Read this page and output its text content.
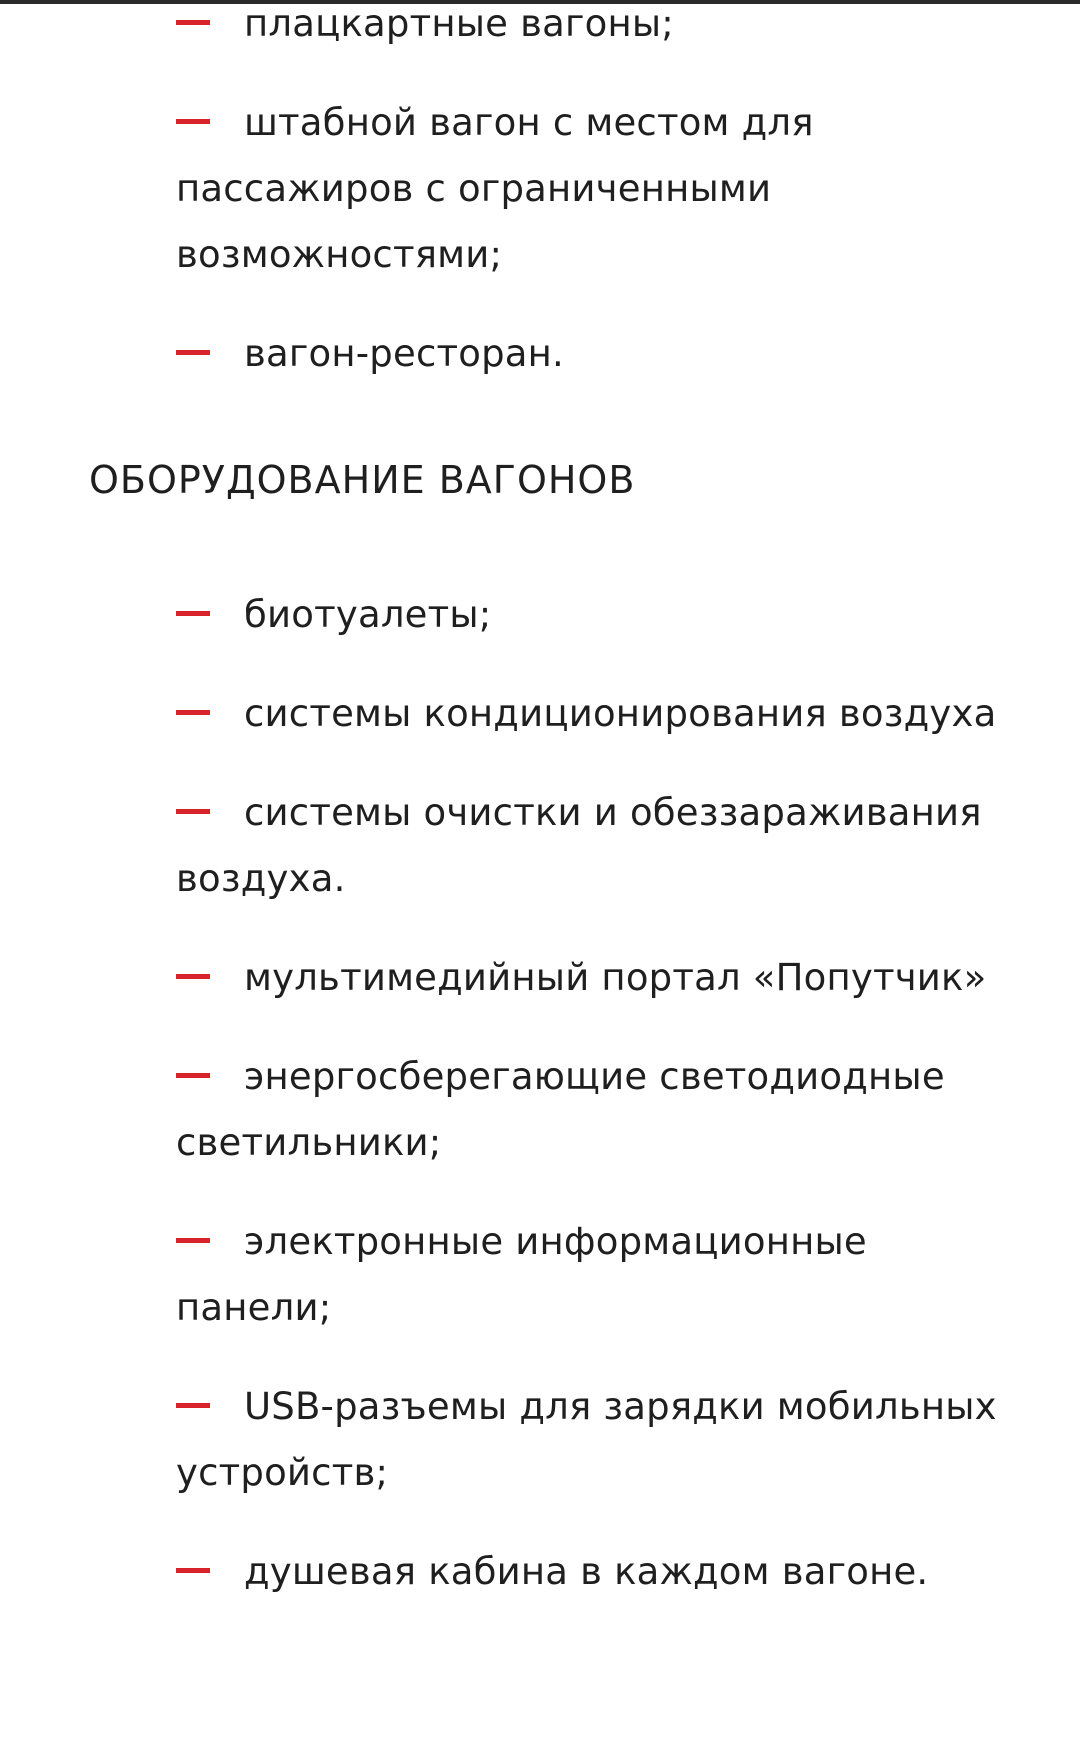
плацкартные вагоны;
штабной вагон с местом для пассажиров с ограниченными возможностями;
вагон-ресторан.
ОБОРУДОВАНИЕ ВАГОНОВ
биотуалеты;
системы кондиционирования воздуха
системы очистки и обеззараживания воздуха.
мультимедийный портал «Попутчик»
энергосберегающие светодиодные светильники;
электронные информационные панели;
USB-разъемы для зарядки мобильных устройств;
душевая кабина в каждом вагоне.
